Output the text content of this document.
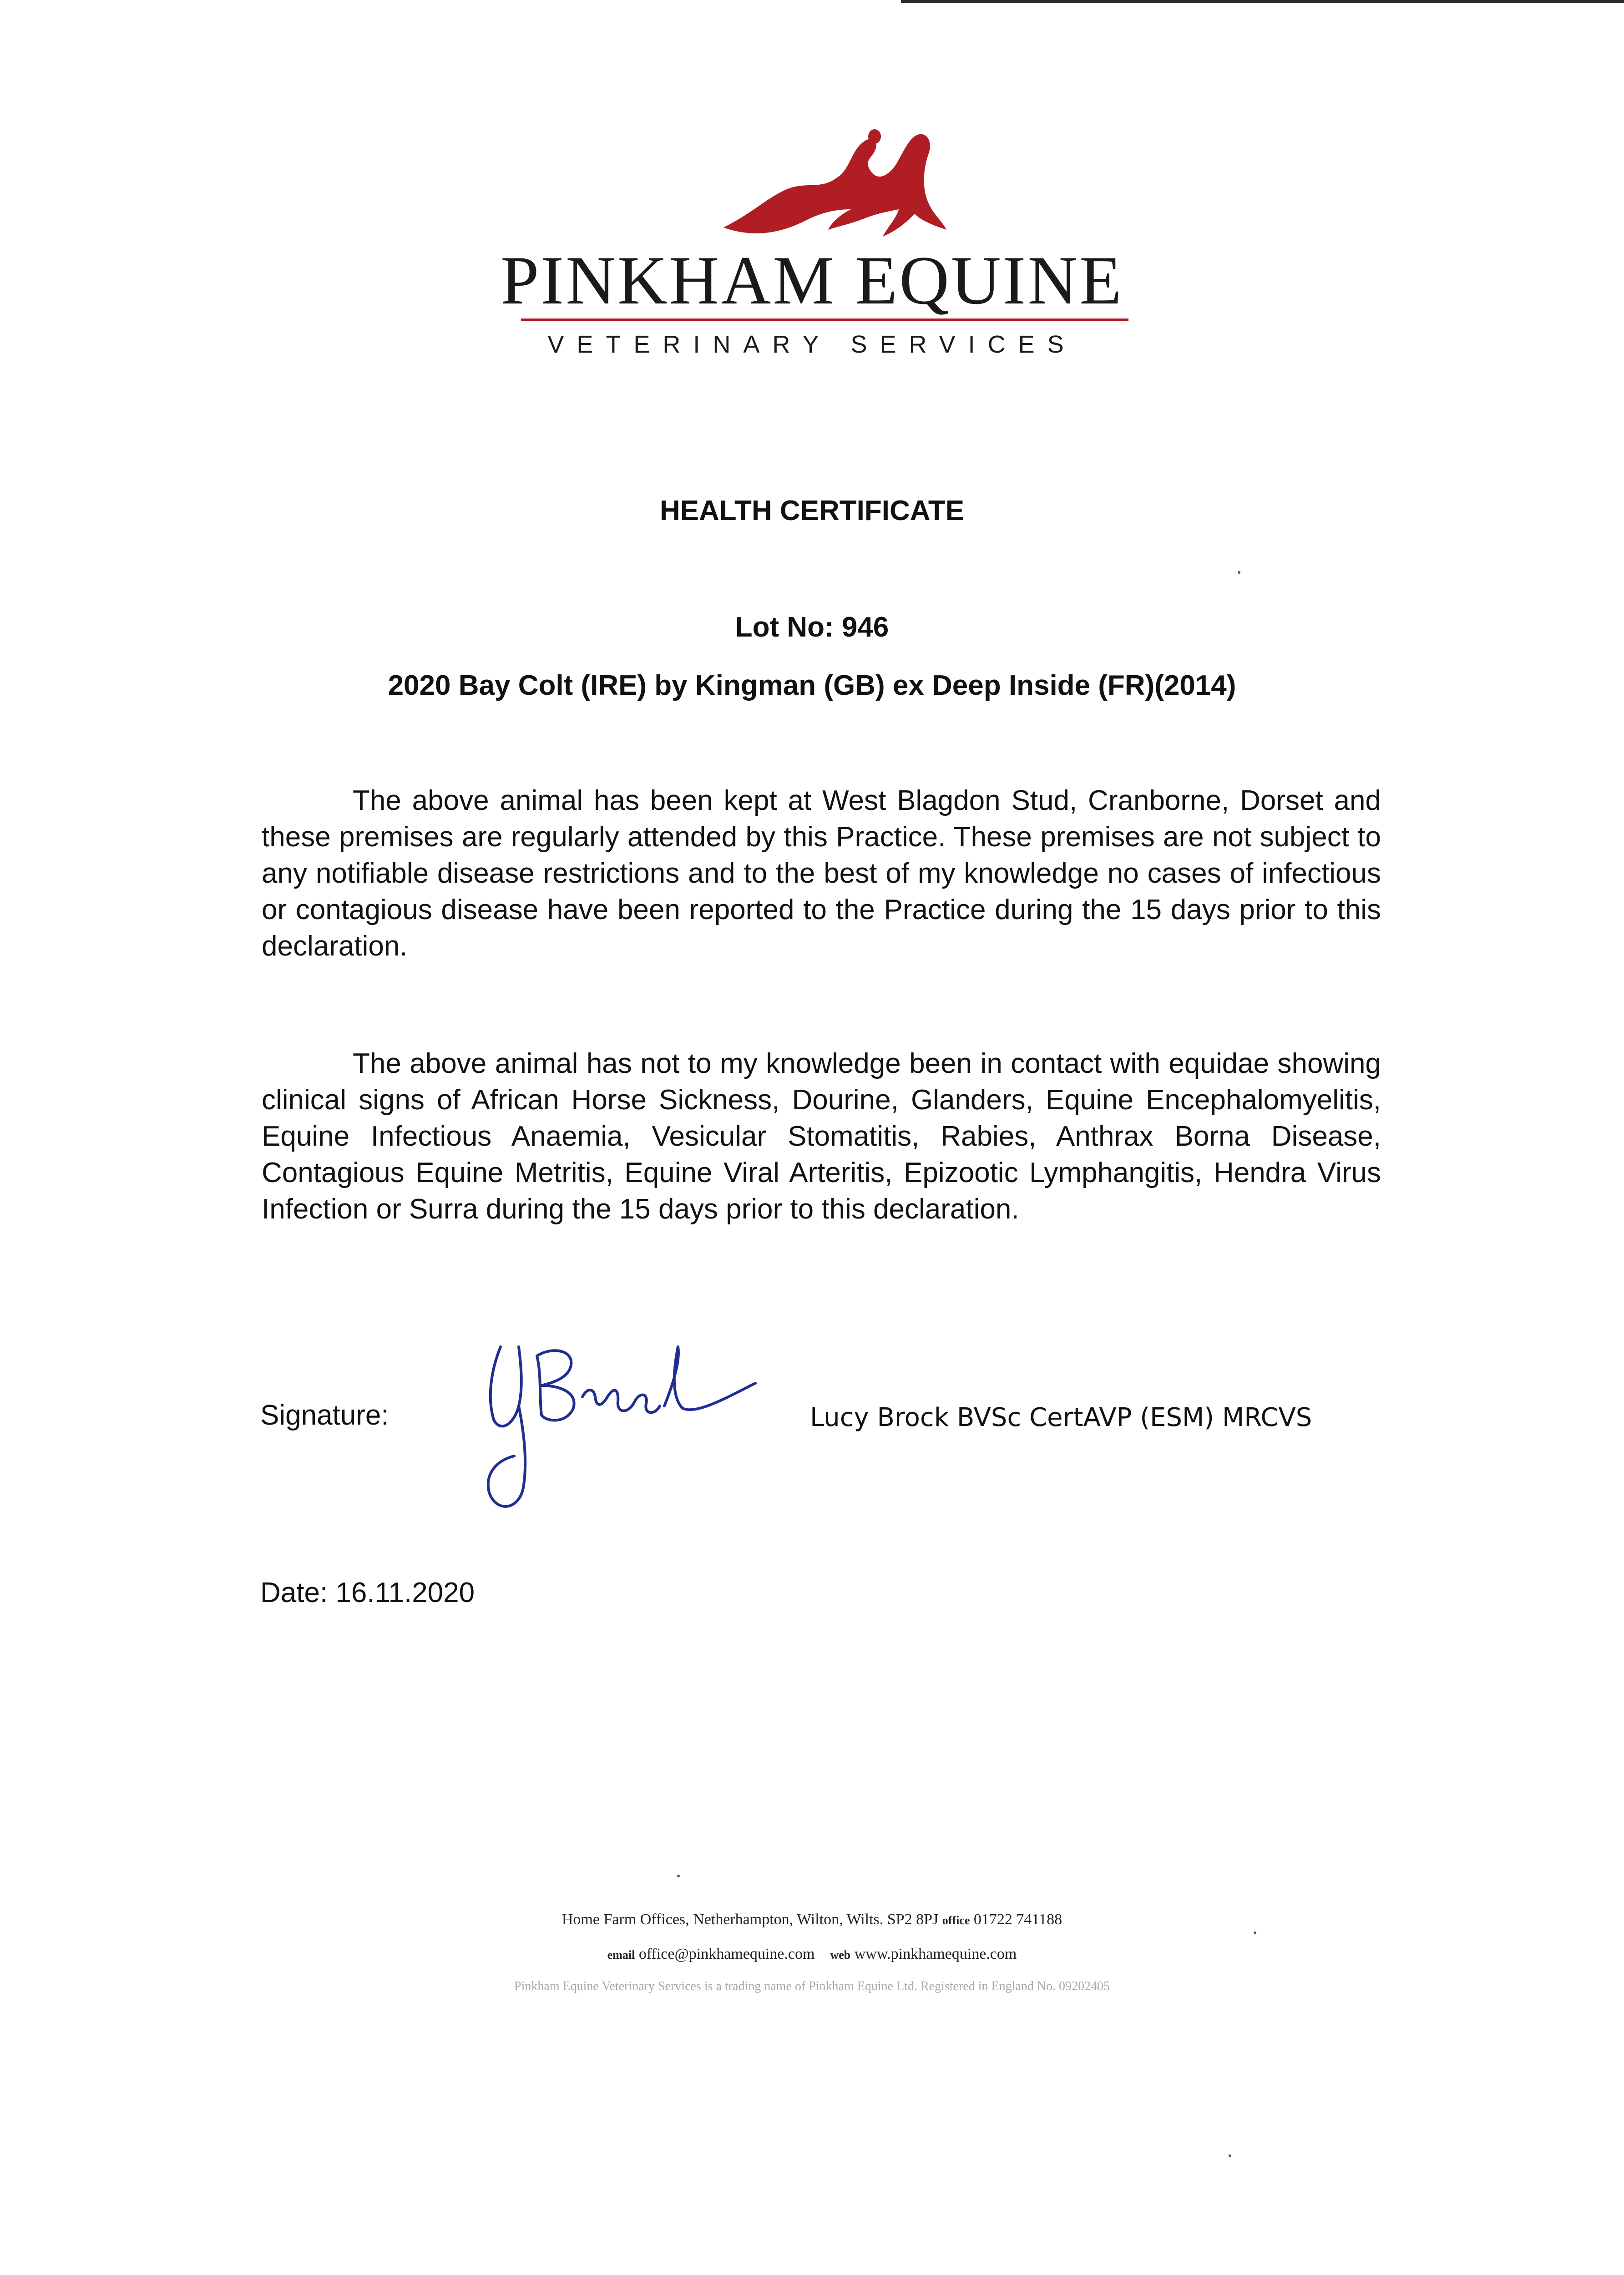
PINKHAM EQUINE
VETERINARY SERVICES
HEALTH CERTIFICATE
Lot No: 946
2020 Bay Colt (IRE) by Kingman (GB) ex Deep Inside (FR)(2014)

The above animal has been kept at West Blagdon Stud, Cranborne, Dorset and these premises are regularly attended by this Practice. These premises are not subject to any notifiable disease restrictions and to the best of my knowledge no cases of infectious or contagious disease have been reported to the Practice during the 15 days prior to this declaration.

The above animal has not to my knowledge been in contact with equidae showing clinical signs of African Horse Sickness, Dourine, Glanders, Equine Encephalomyelitis, Equine Infectious Anaemia, Vesicular Stomatitis, Rabies, Anthrax Borna Disease, Contagious Equine Metritis, Equine Viral Arteritis, Epizootic Lymphangitis, Hendra Virus Infection or Surra during the 15 days prior to this declaration.

Signature:	Lucy Brock BVSc CertAVP (ESM) MRCVS
Date: 16.11.2020
Home Farm Offices, Netherhampton, Wilton, Wilts. SP2 8PJ office 01722 741188
email office@pinkhamequine.com web www.pinkhamequine.com
Pinkham Equine Veterinary Services is a trading name of Pinkham Equine Ltd. Registered in England No. 09202405
